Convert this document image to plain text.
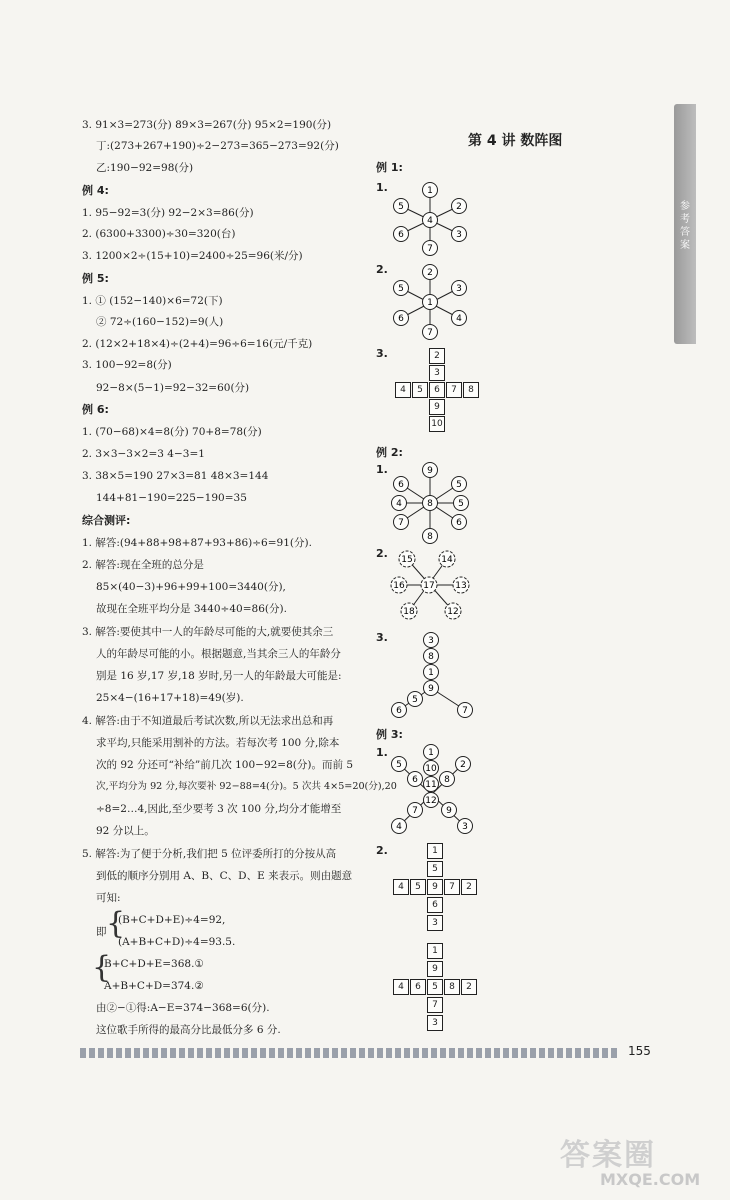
3. 91×3=273(分) 89×3=267(分) 95×2=190(分)
丁:(273+267+190)÷2−273=365−273=92(分)
乙:190−92=98(分)
例 4:
1. 95−92=3(分) 92−2×3=86(分)
2. (6300+3300)÷30=320(台)
3. 1200×2÷(15+10)=2400÷25=96(米/分)
例 5:
1. ① (152−140)×6=72(下)
② 72÷(160−152)=9(人)
2. (12×2+18×4)÷(2+4)=96÷6=16(元/千克)
3. 100−92=8(分)
92−8×(5−1)=92−32=60(分)
例 6:
1. (70−68)×4=8(分) 70+8=78(分)
2. 3×3−3×2=3 4−3=1
3. 38×5=190 27×3=81 48×3=144
144+81−190=225−190=35
综合测评:
1. 解答:(94+88+98+87+93+86)÷6=91(分).
2. 解答:现在全班的总分是
85×(40−3)+96+99+100=3440(分),
故现在全班平均分是 3440÷40=86(分).
3. 解答:要使其中一人的年龄尽可能的大,就要使其余三
人的年龄尽可能的小。根据题意,当其余三人的年龄分
别是 16 岁,17 岁,18 岁时,另一人的年龄最大可能是:
25×4−(16+17+18)=49(岁).
4. 解答:由于不知道最后考试次数,所以无法求出总和再
求平均,只能采用割补的方法。若每次考 100 分,除本
次的 92 分还可“补给”前几次 100−92=8(分)。而前 5
次,平均分为 92 分,每次要补 92−88=4(分)。5 次共 4×5=20(分),20
÷8=2…4,因此,至少要考 3 次 100 分,均分才能增至
92 分以上。
5. 解答:为了便于分析,我们把 5 位评委所打的分按从高
到低的顺序分别用 A、B、C、D、E 来表示。则由题意
可知:
即 {
(B+C+D+E)÷4=92,
(A+B+C+D)÷4=93.5.
{
B+C+D+E=368.①
A+B+C+D=374.②
由②−①得:A−E=374−368=6(分).
这位歌手所得的最高分比最低分多 6 分.
第 4 讲 数阵图
例 1:
1.
2.
3.
例 2:
1.
2.
3.
例 3:
1.
2.
1
5	2
4
6	3
7
2
5	3
1
6	4
7
2
3
4	5	6	7	8
9
10
9
6	5
4	8	5
7	6
8
15	14
16 17 13
18	12
3
8
1
9
5
6	7
1
5	10	2
6 11 8
12
7	9
4	3
1
5
4	5	9	7	2
6
3
1
9
4	6	5	8	2
7
3
参考答案
155
答案圈
MXQE.COM
